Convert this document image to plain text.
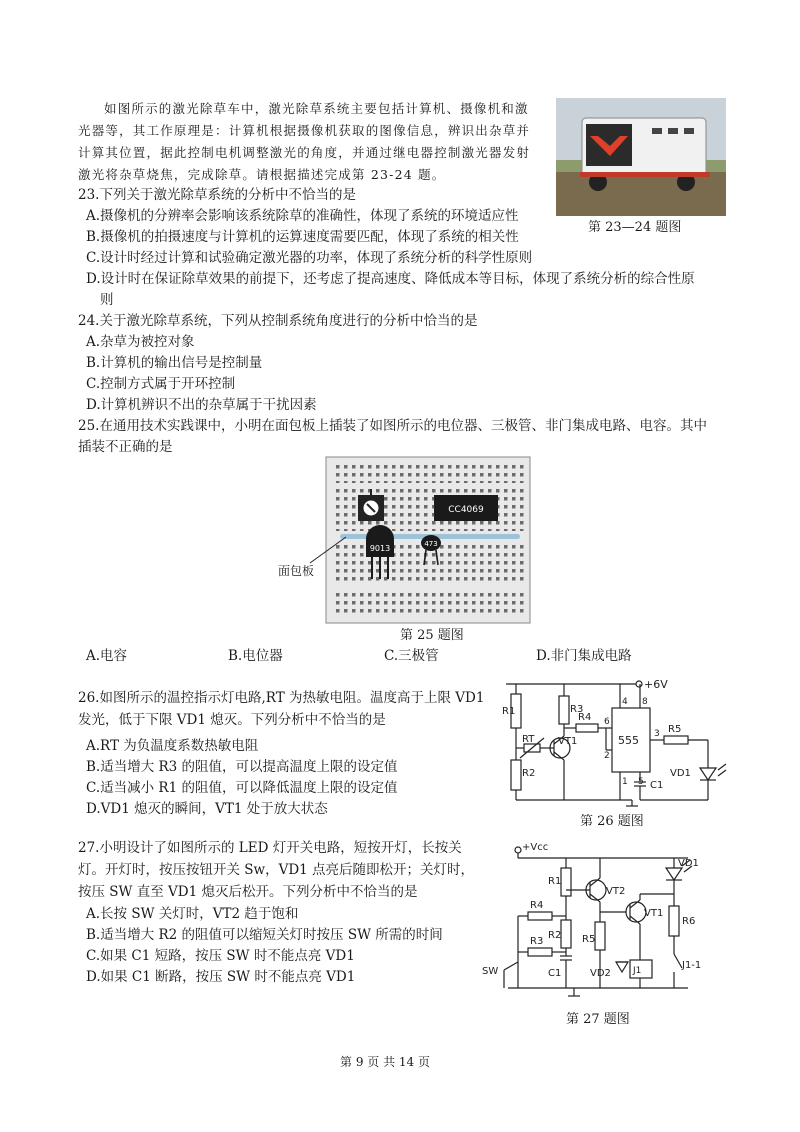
如图所示的激光除草车中，激光除草系统主要包括计算机、摄像机和激
光器等，其工作原理是：计算机根据摄像机获取的图像信息，辨识出杂草并
计算其位置，据此控制电机调整激光的角度，并通过继电器控制激光器发射
激光将杂草烧焦，完成除草。请根据描述完成第 23-24 题。
第 23—24 题图
23.下列关于激光除草系统的分析中不恰当的是
A.摄像机的分辨率会影响该系统除草的准确性，体现了系统的环境适应性
B.摄像机的拍摄速度与计算机的运算速度需要匹配，体现了系统的相关性
C.设计时经过计算和试验确定激光器的功率，体现了系统分析的科学性原则
D.设计时在保证除草效果的前提下，还考虑了提高速度、降低成本等目标，体现了系统分析的综合性原
则
24.关于激光除草系统，下列从控制系统角度进行的分析中恰当的是
A.杂草为被控对象
B.计算机的输出信号是控制量
C.控制方式属于开环控制
D.计算机辨识不出的杂草属于干扰因素
25.在通用技术实践课中，小明在面包板上插装了如图所示的电位器、三极管、非门集成电路、电容。其中
插装不正确的是
CC4069
9013	473
面包板
第 25 题图
A.电容	B.电位器	C.三极管	D.非门集成电路
26.如图所示的温控指示灯电路,RT 为热敏电阻。温度高于上限 VD1
发光，低于下限 VD1 熄灭。下列分析中不恰当的是
A.RT 为负温度系数热敏电阻
B.适当增大 R3 的阻值，可以提高温度上限的设定值
C.适当减小 R1 的阻值，可以降低温度上限的设定值
D.VD1 熄灭的瞬间，VT1 处于放大状态
+6V
R1
R2
RT VT1
R3
R4
555
4 8
6
2
3
1 5 C1
R5
VD1
第 26 题图
27.小明设计了如图所示的 LED 灯开关电路，短按开灯，长按关
灯。开灯时，按压按钮开关 Sw，VD1 点亮后随即松开；关灯时，
按压 SW 直至 VD1 熄灭后松开。下列分析中不恰当的是
A.长按 SW 关灯时，VT2 趋于饱和
B.适当增大 R2 的阻值可以缩短关灯时按压 SW 所需的时间
C.如果 C1 短路，按压 SW 时不能点亮 VD1
D.如果 C1 断路，按压 SW 时不能点亮 VD1
+Vcc
R1
R2
C1
R4
R3
SW
VT2
R5
VT1
J1
VD2
VD1
R6
J1-1
第 27 题图
第 9 页 共 14 页
